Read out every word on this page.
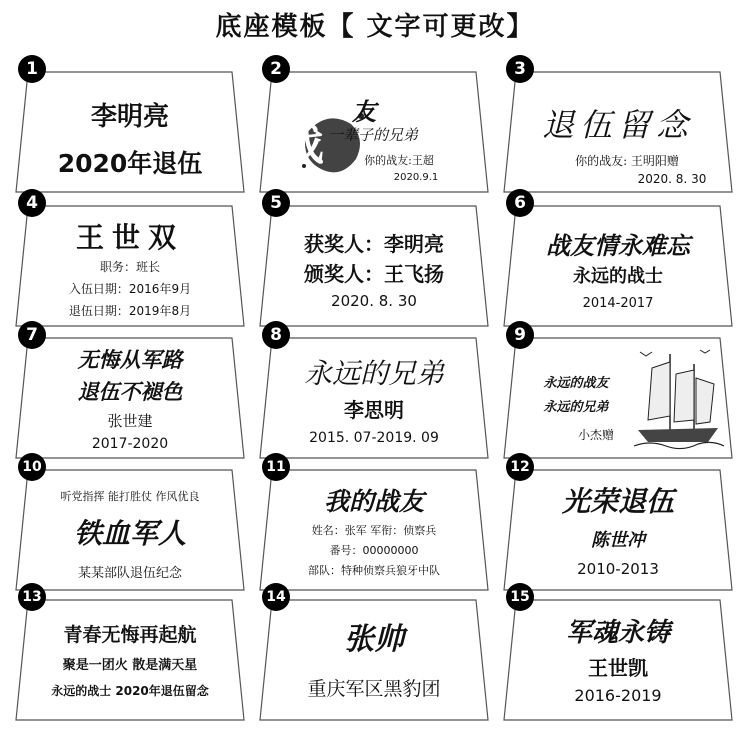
底座模板【 文字可更改】
1
李明亮
2020年退伍
2
战
友
一辈子的兄弟
你的战友:王超
2020.9.1
3
退伍留念
你的战友: 王明阳赠
2020. 8. 30
4
王世双
职务：班长
入伍日期：2016年9月
退伍日期：2019年8月
5
获奖人：李明亮
颁奖人：王飞扬
2020. 8. 30
6
战友情永难忘
永远的战士
2014-2017
7
无悔从军路
退伍不褪色
张世建
2017-2020
8
永远的兄弟
李思明
2015. 07-2019. 09
9
永远的战友
永远的兄弟
小杰赠
10
听党指挥 能打胜仗 作风优良
铁血军人
某某部队退伍纪念
11
我的战友
姓名：张军 军衔：侦察兵
番号：00000000
部队：特种侦察兵狼牙中队
12
光荣退伍
陈世冲
2010-2013
13
青春无悔再起航
聚是一团火 散是满天星
永远的战士 2020年退伍留念
14
张帅
重庆军区黑豹团
15
军魂永铸
王世凯
2016-2019
